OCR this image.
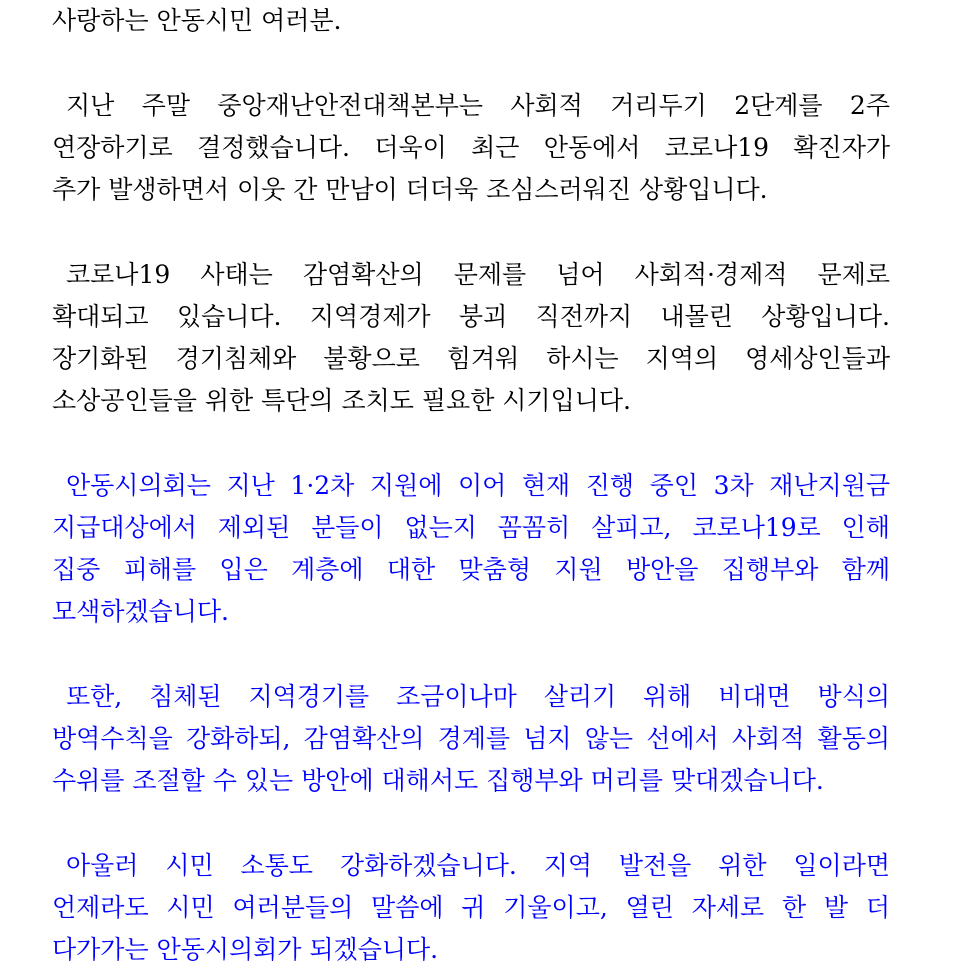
사랑하는 안동시민 여러분.
지난 주말 중앙재난안전대책본부는 사회적 거리두기 2단계를 2주
연장하기로 결정했습니다. 더욱이 최근 안동에서 코로나19 확진자가
추가 발생하면서 이웃 간 만남이 더더욱 조심스러워진 상황입니다.
코로나19 사태는 감염확산의 문제를 넘어 사회적·경제적 문제로
확대되고 있습니다. 지역경제가 붕괴 직전까지 내몰린 상황입니다.
장기화된 경기침체와 불황으로 힘겨워 하시는 지역의 영세상인들과
소상공인들을 위한 특단의 조치도 필요한 시기입니다.
안동시의회는 지난 1·2차 지원에 이어 현재 진행 중인 3차 재난지원금
지급대상에서 제외된 분들이 없는지 꼼꼼히 살피고, 코로나19로 인해
집중 피해를 입은 계층에 대한 맞춤형 지원 방안을 집행부와 함께
모색하겠습니다.
또한, 침체된 지역경기를 조금이나마 살리기 위해 비대면 방식의
방역수칙을 강화하되, 감염확산의 경계를 넘지 않는 선에서 사회적 활동의
수위를 조절할 수 있는 방안에 대해서도 집행부와 머리를 맞대겠습니다.
아울러 시민 소통도 강화하겠습니다. 지역 발전을 위한 일이라면
언제라도 시민 여러분들의 말씀에 귀 기울이고, 열린 자세로 한 발 더
다가가는 안동시의회가 되겠습니다.
